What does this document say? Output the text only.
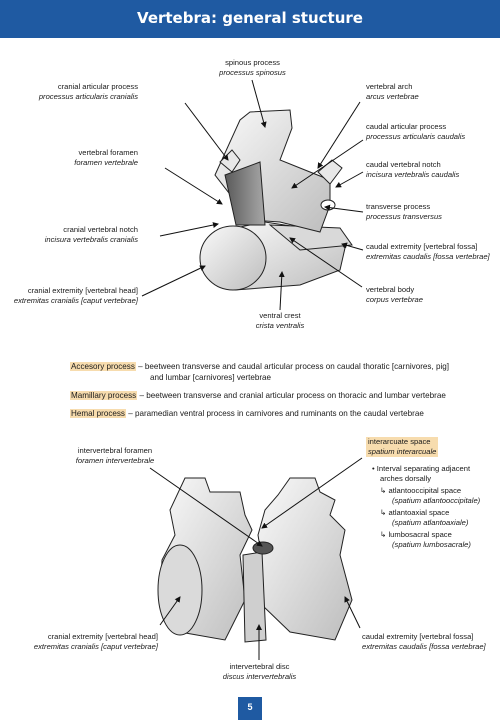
Vertebra: general stucture
spinous process
processus spinosus
cranial articular process
processus articularis cranialis
vertebral arch
arcus vertebrae
caudal articular process
processus articularis caudalis
vertebral foramen
foramen vertebrale	caudal vertebral notch
incisura vertebralis caudalis
transverse process
processus transversus
cranial vertebral notch
incisura vertebralis cranialis
caudal extremity [vertebral fossa]
extremitas caudalis [fossa vertebrae]
cranial extremity [vertebral head]
extremitas cranialis [caput vertebrae]
vertebral body
corpus vertebrae
ventral crest
crista ventralis
Accesory process – beetween transverse and caudal articular process on caudal thoratic [carnivores, pig]
and lumbar [carnivores] vertebrae
Mamillary process – beetween transverse and cranial articular process on thoracic and lumbar vertebrae
Hemal process – paramedian ventral process in carnivores and ruminants on the caudal vertebrae
intervertebral foramen
foramen intervertebrale
interarcuate space
spatium interarcuale
• Interval separating adjacent
arches dorsally
↳ atlantooccipital space
(spatium atlantooccipitale)
↳ atlantoaxial space
(spatium atlantoaxiale)
↳ lumbosacral space
(spatium lumbosacrale)
cranial extremity [vertebral head]
extremitas cranialis [caput vertebrae]
caudal extremity [vertebral fossa]
extremitas caudalis [fossa vertebrae]
intervertebral disc
discus intervertebralis
5
